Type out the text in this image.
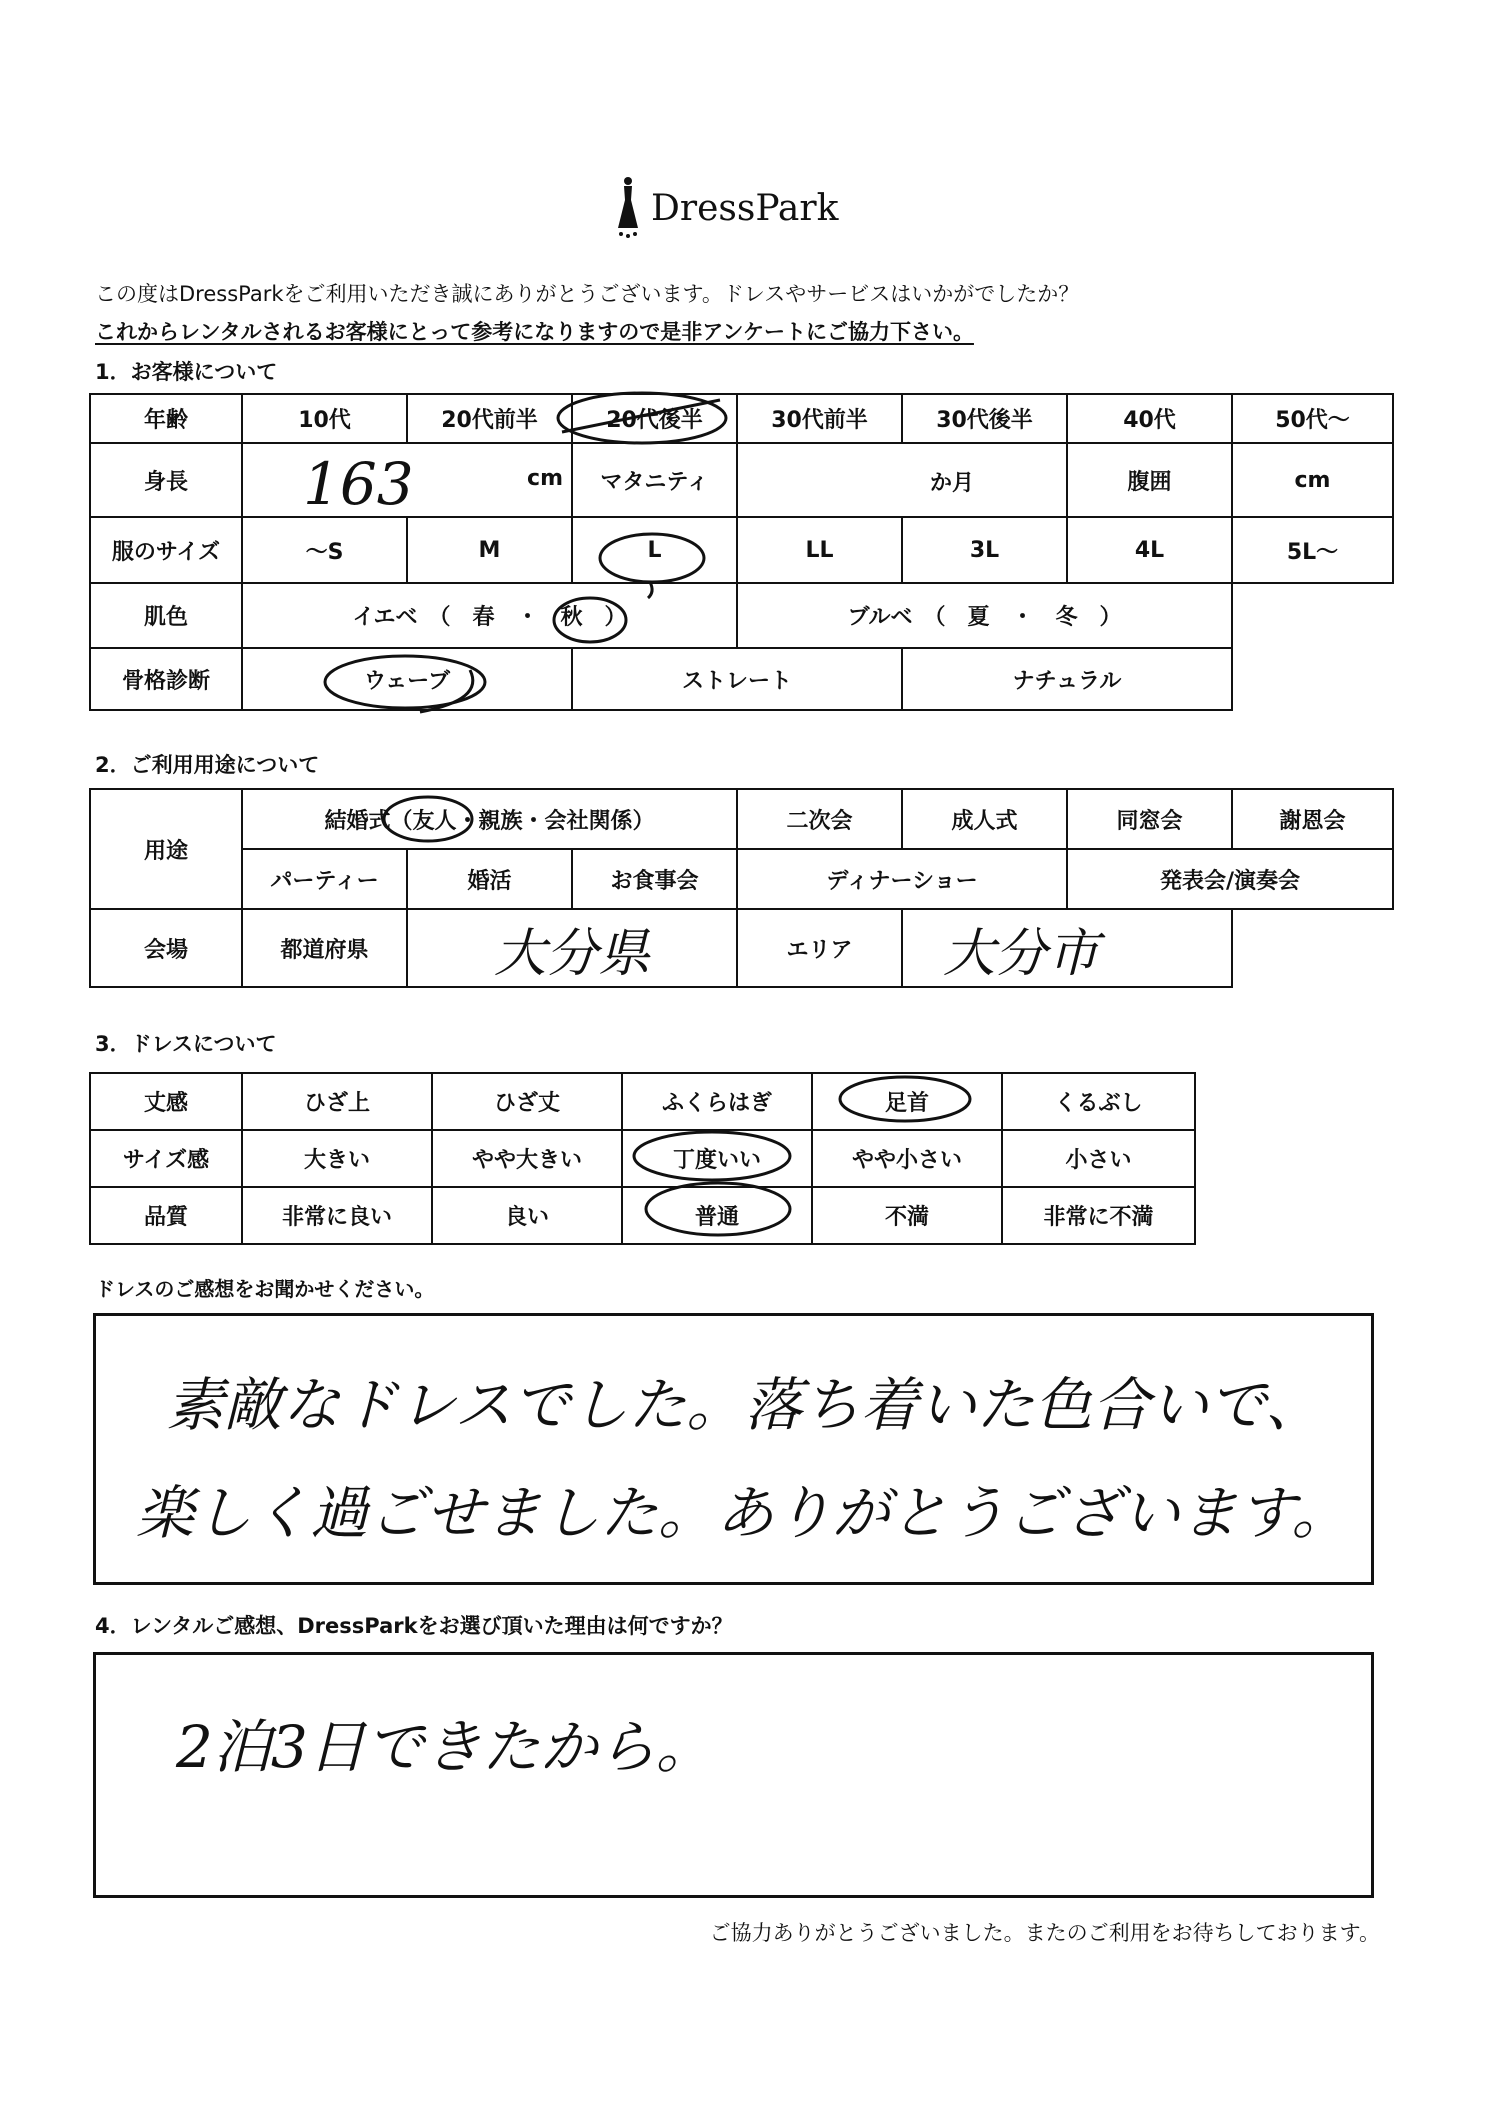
DressPark
この度はDressParkをご利用いただき誠にありがとうございます。ドレスやサービスはいかがでしたか？
これからレンタルされるお客様にとって参考になりますので是非アンケートにご協力下さい。
1．お客様について
年齢	10代	20代前半	20代後半	30代前半	30代後半	40代	50代～
身長	163 cm		マタニティ	か月		腹囲	cm
服のサイズ	～S	M	L	LL	3L	4L	5L～
肌色	イエベ　（　春　・　秋　）			ブルベ　（　夏　・　冬　）			
骨格診断	ウェーブ		ストレート		ナチュラル		
2．ご利用用途について
用途	結婚式（友人・親族・会社関係）			二次会	成人式	同窓会	謝恩会
	パーティー	婚活	お食事会	ディナーショー		発表会/演奏会	
会場	都道府県	大分県		エリア	大分市		
3．ドレスについて
丈感	ひざ上	ひざ丈	ふくらはぎ	足首	くるぶし
サイズ感	大きい	やや大きい	丁度いい	やや小さい	小さい
品質	非常に良い	良い	普通	不満	非常に不満
ドレスのご感想をお聞かせください。
素敵なドレスでした。落ち着いた色合いで、
楽しく過ごせました。ありがとうございます。
4．レンタルご感想、DressParkをお選び頂いた理由は何ですか？
2泊3日できたから。
ご協力ありがとうございました。またのご利用をお待ちしております。
